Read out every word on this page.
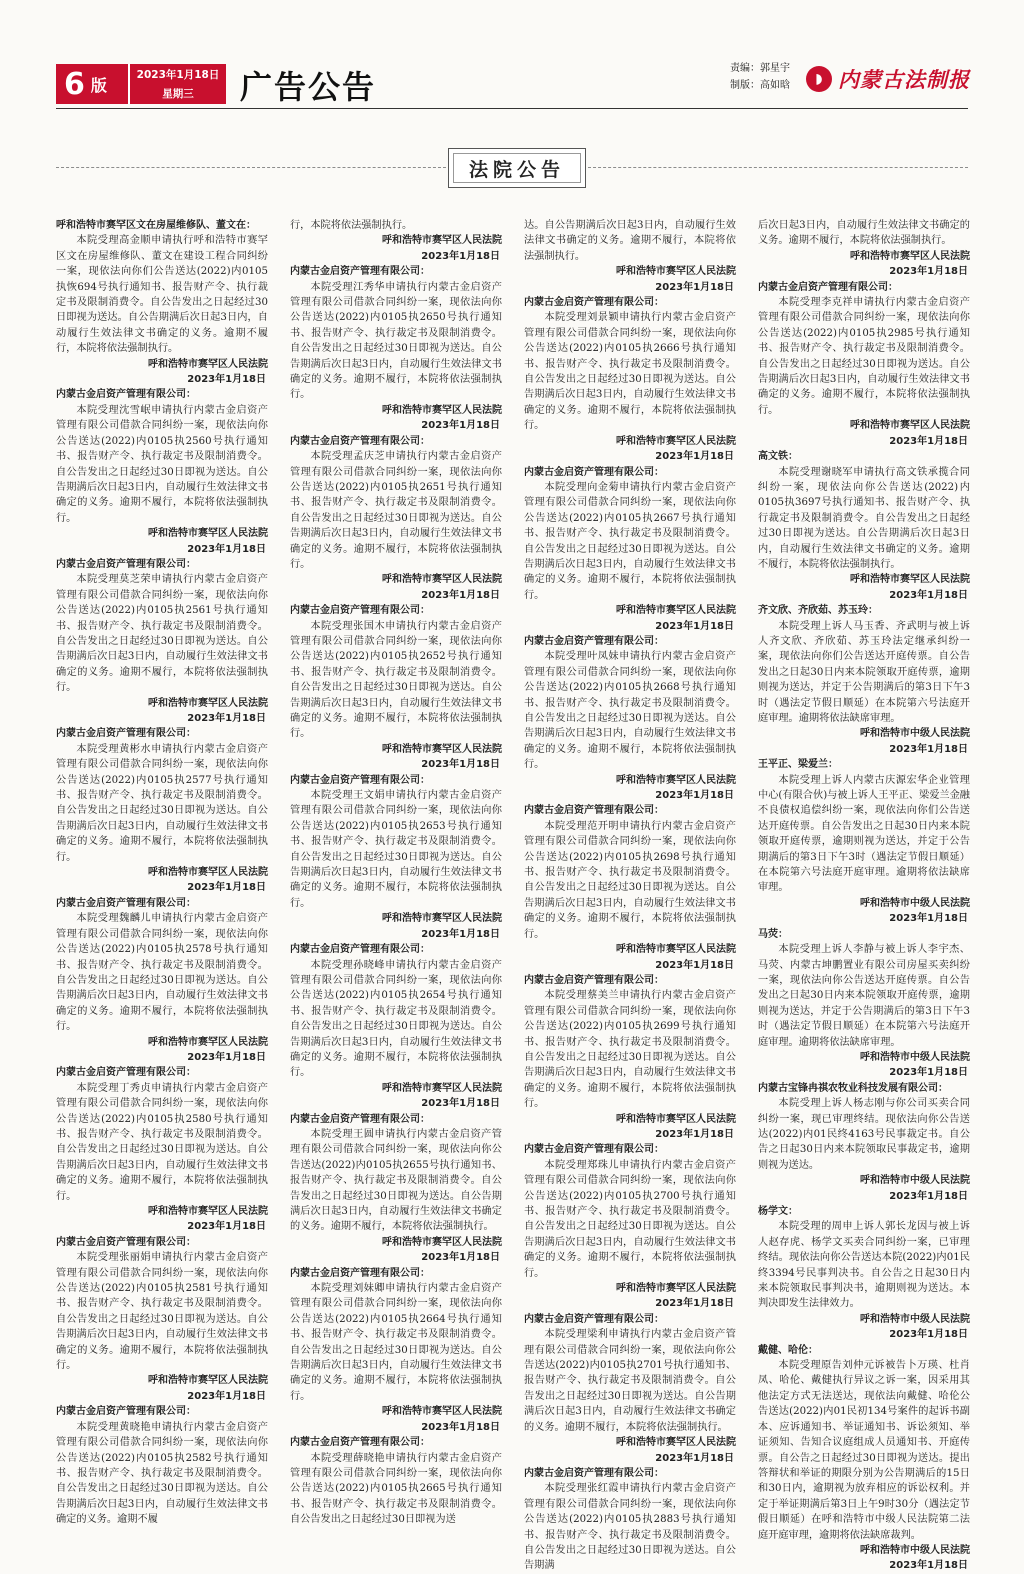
6 版
2023年1月18日
星期三 广告公告	责编：郭星宇
制版：高如晗	◗ 内蒙古法制报
法院公告
呼和浩特市赛罕区文在房屋维修队、董文在：

本院受理高金顺申请执行呼和浩特市赛罕区文在房屋维修队、董文在建设工程合同纠纷一案，现依法向你们公告送达(2022)内0105执恢694号执行通知书、报告财产令、执行裁定书及限制消费令。自公告发出之日起经过30日即视为送达。自公告期满后次日起3日内，自动履行生效法律文书确定的义务。逾期不履行，本院将依法强制执行。

呼和浩特市赛罕区人民法院
2023年1月18日
内蒙古金启资产管理有限公司：

本院受理沈雪岷申请执行内蒙古金启资产管理有限公司借款合同纠纷一案，现依法向你公告送达(2022)内0105执2560号执行通知书、报告财产令、执行裁定书及限制消费令。自公告发出之日起经过30日即视为送达。自公告期满后次日起3日内，自动履行生效法律文书确定的义务。逾期不履行，本院将依法强制执行。

呼和浩特市赛罕区人民法院
2023年1月18日
内蒙古金启资产管理有限公司：

本院受理莫芝荣申请执行内蒙古金启资产管理有限公司借款合同纠纷一案，现依法向你公告送达(2022)内0105执2561号执行通知书、报告财产令、执行裁定书及限制消费令。自公告发出之日起经过30日即视为送达。自公告期满后次日起3日内，自动履行生效法律文书确定的义务。逾期不履行，本院将依法强制执行。

呼和浩特市赛罕区人民法院
2023年1月18日
内蒙古金启资产管理有限公司：

本院受理黄彬水申请执行内蒙古金启资产管理有限公司借款合同纠纷一案，现依法向你公告送达(2022)内0105执2577号执行通知书、报告财产令、执行裁定书及限制消费令。自公告发出之日起经过30日即视为送达。自公告期满后次日起3日内，自动履行生效法律文书确定的义务。逾期不履行，本院将依法强制执行。

呼和浩特市赛罕区人民法院
2023年1月18日
内蒙古金启资产管理有限公司：

本院受理魏麟儿申请执行内蒙古金启资产管理有限公司借款合同纠纷一案，现依法向你公告送达(2022)内0105执2578号执行通知书、报告财产令、执行裁定书及限制消费令。自公告发出之日起经过30日即视为送达。自公告期满后次日起3日内，自动履行生效法律文书确定的义务。逾期不履行，本院将依法强制执行。

呼和浩特市赛罕区人民法院
2023年1月18日
内蒙古金启资产管理有限公司：

本院受理丁秀贞申请执行内蒙古金启资产管理有限公司借款合同纠纷一案，现依法向你公告送达(2022)内0105执2580号执行通知书、报告财产令、执行裁定书及限制消费令。自公告发出之日起经过30日即视为送达。自公告期满后次日起3日内，自动履行生效法律文书确定的义务。逾期不履行，本院将依法强制执行。

呼和浩特市赛罕区人民法院
2023年1月18日
内蒙古金启资产管理有限公司：

本院受理张丽娟申请执行内蒙古金启资产管理有限公司借款合同纠纷一案，现依法向你公告送达(2022)内0105执2581号执行通知书、报告财产令、执行裁定书及限制消费令。自公告发出之日起经过30日即视为送达。自公告期满后次日起3日内，自动履行生效法律文书确定的义务。逾期不履行，本院将依法强制执行。

呼和浩特市赛罕区人民法院
2023年1月18日
内蒙古金启资产管理有限公司：

本院受理黄晓艳申请执行内蒙古金启资产管理有限公司借款合同纠纷一案，现依法向你公告送达(2022)内0105执2582号执行通知书、报告财产令、执行裁定书及限制消费令。自公告发出之日起经过30日即视为送达。自公告期满后次日起3日内，自动履行生效法律文书确定的义务。逾期不履

行，本院将依法强制执行。

呼和浩特市赛罕区人民法院
2023年1月18日
内蒙古金启资产管理有限公司：

本院受理江秀华申请执行内蒙古金启资产管理有限公司借款合同纠纷一案，现依法向你公告送达(2022)内0105执2650号执行通知书、报告财产令、执行裁定书及限制消费令。自公告发出之日起经过30日即视为送达。自公告期满后次日起3日内，自动履行生效法律文书确定的义务。逾期不履行，本院将依法强制执行。

呼和浩特市赛罕区人民法院
2023年1月18日
内蒙古金启资产管理有限公司：

本院受理孟庆芝申请执行内蒙古金启资产管理有限公司借款合同纠纷一案，现依法向你公告送达(2022)内0105执2651号执行通知书、报告财产令、执行裁定书及限制消费令。自公告发出之日起经过30日即视为送达。自公告期满后次日起3日内，自动履行生效法律文书确定的义务。逾期不履行，本院将依法强制执行。

呼和浩特市赛罕区人民法院
2023年1月18日
内蒙古金启资产管理有限公司：

本院受理张国木申请执行内蒙古金启资产管理有限公司借款合同纠纷一案，现依法向你公告送达(2022)内0105执2652号执行通知书、报告财产令、执行裁定书及限制消费令。自公告发出之日起经过30日即视为送达。自公告期满后次日起3日内，自动履行生效法律文书确定的义务。逾期不履行，本院将依法强制执行。

呼和浩特市赛罕区人民法院
2023年1月18日
内蒙古金启资产管理有限公司：

本院受理王文娟申请执行内蒙古金启资产管理有限公司借款合同纠纷一案，现依法向你公告送达(2022)内0105执2653号执行通知书、报告财产令、执行裁定书及限制消费令。自公告发出之日起经过30日即视为送达。自公告期满后次日起3日内，自动履行生效法律文书确定的义务。逾期不履行，本院将依法强制执行。

呼和浩特市赛罕区人民法院
2023年1月18日
内蒙古金启资产管理有限公司：

本院受理孙晓峰申请执行内蒙古金启资产管理有限公司借款合同纠纷一案，现依法向你公告送达(2022)内0105执2654号执行通知书、报告财产令、执行裁定书及限制消费令。自公告发出之日起经过30日即视为送达。自公告期满后次日起3日内，自动履行生效法律文书确定的义务。逾期不履行，本院将依法强制执行。

呼和浩特市赛罕区人民法院
2023年1月18日
内蒙古金启资产管理有限公司：

本院受理王圆申请执行内蒙古金启资产管理有限公司借款合同纠纷一案，现依法向你公告送达(2022)内0105执2655号执行通知书、报告财产令、执行裁定书及限制消费令。自公告发出之日起经过30日即视为送达。自公告期满后次日起3日内，自动履行生效法律文书确定的义务。逾期不履行，本院将依法强制执行。

呼和浩特市赛罕区人民法院
2023年1月18日
内蒙古金启资产管理有限公司：

本院受理刘妹卿申请执行内蒙古金启资产管理有限公司借款合同纠纷一案，现依法向你公告送达(2022)内0105执2664号执行通知书、报告财产令、执行裁定书及限制消费令。自公告发出之日起经过30日即视为送达。自公告期满后次日起3日内，自动履行生效法律文书确定的义务。逾期不履行，本院将依法强制执行。

呼和浩特市赛罕区人民法院
2023年1月18日
内蒙古金启资产管理有限公司：

本院受理薛晓艳申请执行内蒙古金启资产管理有限公司借款合同纠纷一案，现依法向你公告送达(2022)内0105执2665号执行通知书、报告财产令、执行裁定书及限制消费令。自公告发出之日起经过30日即视为送

达。自公告期满后次日起3日内，自动履行生效法律文书确定的义务。逾期不履行，本院将依法强制执行。

呼和浩特市赛罕区人民法院
2023年1月18日
内蒙古金启资产管理有限公司：

本院受理刘景颖申请执行内蒙古金启资产管理有限公司借款合同纠纷一案，现依法向你公告送达(2022)内0105执2666号执行通知书、报告财产令、执行裁定书及限制消费令。自公告发出之日起经过30日即视为送达。自公告期满后次日起3日内，自动履行生效法律文书确定的义务。逾期不履行，本院将依法强制执行。

呼和浩特市赛罕区人民法院
2023年1月18日
内蒙古金启资产管理有限公司：

本院受理向金菊申请执行内蒙古金启资产管理有限公司借款合同纠纷一案，现依法向你公告送达(2022)内0105执2667号执行通知书、报告财产令、执行裁定书及限制消费令。自公告发出之日起经过30日即视为送达。自公告期满后次日起3日内，自动履行生效法律文书确定的义务。逾期不履行，本院将依法强制执行。

呼和浩特市赛罕区人民法院
2023年1月18日
内蒙古金启资产管理有限公司：

本院受理叶凤妹申请执行内蒙古金启资产管理有限公司借款合同纠纷一案，现依法向你公告送达(2022)内0105执2668号执行通知书、报告财产令、执行裁定书及限制消费令。自公告发出之日起经过30日即视为送达。自公告期满后次日起3日内，自动履行生效法律文书确定的义务。逾期不履行，本院将依法强制执行。

呼和浩特市赛罕区人民法院
2023年1月18日
内蒙古金启资产管理有限公司：

本院受理范开明申请执行内蒙古金启资产管理有限公司借款合同纠纷一案，现依法向你公告送达(2022)内0105执2698号执行通知书、报告财产令、执行裁定书及限制消费令。自公告发出之日起经过30日即视为送达。自公告期满后次日起3日内，自动履行生效法律文书确定的义务。逾期不履行，本院将依法强制执行。

呼和浩特市赛罕区人民法院
2023年1月18日
内蒙古金启资产管理有限公司：

本院受理蔡美兰申请执行内蒙古金启资产管理有限公司借款合同纠纷一案，现依法向你公告送达(2022)内0105执2699号执行通知书、报告财产令、执行裁定书及限制消费令。自公告发出之日起经过30日即视为送达。自公告期满后次日起3日内，自动履行生效法律文书确定的义务。逾期不履行，本院将依法强制执行。

呼和浩特市赛罕区人民法院
2023年1月18日
内蒙古金启资产管理有限公司：

本院受理郑珠儿申请执行内蒙古金启资产管理有限公司借款合同纠纷一案，现依法向你公告送达(2022)内0105执2700号执行通知书、报告财产令、执行裁定书及限制消费令。自公告发出之日起经过30日即视为送达。自公告期满后次日起3日内，自动履行生效法律文书确定的义务。逾期不履行，本院将依法强制执行。

呼和浩特市赛罕区人民法院
2023年1月18日
内蒙古金启资产管理有限公司：

本院受理梁利申请执行内蒙古金启资产管理有限公司借款合同纠纷一案，现依法向你公告送达(2022)内0105执2701号执行通知书、报告财产令、执行裁定书及限制消费令。自公告发出之日起经过30日即视为送达。自公告期满后次日起3日内，自动履行生效法律文书确定的义务。逾期不履行，本院将依法强制执行。

呼和浩特市赛罕区人民法院
2023年1月18日
内蒙古金启资产管理有限公司：

本院受理张红霞申请执行内蒙古金启资产管理有限公司借款合同纠纷一案，现依法向你公告送达(2022)内0105执2883号执行通知书、报告财产令、执行裁定书及限制消费令。自公告发出之日起经过30日即视为送达。自公告期满

后次日起3日内，自动履行生效法律文书确定的义务。逾期不履行，本院将依法强制执行。

呼和浩特市赛罕区人民法院
2023年1月18日
内蒙古金启资产管理有限公司：

本院受理李克祥申请执行内蒙古金启资产管理有限公司借款合同纠纷一案，现依法向你公告送达(2022)内0105执2985号执行通知书、报告财产令、执行裁定书及限制消费令。自公告发出之日起经过30日即视为送达。自公告期满后次日起3日内，自动履行生效法律文书确定的义务。逾期不履行，本院将依法强制执行。

呼和浩特市赛罕区人民法院
2023年1月18日
高文铁：

本院受理谢晓军申请执行高文铁承揽合同纠纷一案，现依法向你公告送达(2022)内0105执3697号执行通知书、报告财产令、执行裁定书及限制消费令。自公告发出之日起经过30日即视为送达。自公告期满后次日起3日内，自动履行生效法律文书确定的义务。逾期不履行，本院将依法强制执行。

呼和浩特市赛罕区人民法院
2023年1月18日
齐文欣、齐欣茹、苏玉玲：

本院受理上诉人马玉香、齐武明与被上诉人齐文欣、齐欣茹、苏玉玲法定继承纠纷一案，现依法向你们公告送达开庭传票。自公告发出之日起30日内来本院领取开庭传票，逾期则视为送达，并定于公告期满后的第3日下午3时（遇法定节假日顺延）在本院第六号法庭开庭审理。逾期将依法缺席审理。

呼和浩特市中级人民法院
2023年1月18日
王平正、梁爱兰：

本院受理上诉人内蒙古庆源宏华企业管理中心(有限合伙)与被上诉人王平正、梁爱兰金融不良债权追偿纠纷一案，现依法向你们公告送达开庭传票。自公告发出之日起30日内来本院领取开庭传票，逾期则视为送达，并定于公告期满后的第3日下午3时（遇法定节假日顺延）在本院第六号法庭开庭审理。逾期将依法缺席审理。

呼和浩特市中级人民法院
2023年1月18日
马荧：

本院受理上诉人李静与被上诉人李宇杰、马荧、内蒙古坤鹏置业有限公司房屋买卖纠纷一案，现依法向你公告送达开庭传票。自公告发出之日起30日内来本院领取开庭传票，逾期则视为送达，并定于公告期满后的第3日下午3时（遇法定节假日顺延）在本院第六号法庭开庭审理。逾期将依法缺席审理。

呼和浩特市中级人民法院
2023年1月18日
内蒙古宝锋冉祺农牧业科技发展有限公司：

本院受理上诉人杨志刚与你公司买卖合同纠纷一案，现已审理终结。现依法向你公告送达(2022)内01民终4163号民事裁定书。自公告之日起30日内来本院领取民事裁定书，逾期则视为送达。

呼和浩特市中级人民法院
2023年1月18日
杨学文：

本院受理的周申上诉人郭长龙因与被上诉人赵存虎、杨学文买卖合同纠纷一案，已审理终结。现依法向你公告送达本院(2022)内01民终3394号民事判决书。自公告之日起30日内来本院领取民事判决书，逾期则视为送达。本判决即发生法律效力。

呼和浩特市中级人民法院
2023年1月18日
戴健、哈伦：

本院受理原告刘仲元诉被告卜万瑛、杜肖凤、哈伦、戴健执行异议之诉一案，因采用其他法定方式无法送达，现依法向戴健、哈伦公告送达(2022)内01民初134号案件的起诉书副本、应诉通知书、举证通知书、诉讼须知、举证须知、告知合议庭组成人员通知书、开庭传票。自公告之日起经过30日即视为送达。提出答辩状和举证的期限分别为公告期满后的15日和30日内，逾期视为放弃相应的诉讼权利。并定于举证期满后第3日上午9时30分（遇法定节假日顺延）在呼和浩特市中级人民法院第二法庭开庭审理，逾期将依法缺席裁判。

呼和浩特市中级人民法院
2023年1月18日
